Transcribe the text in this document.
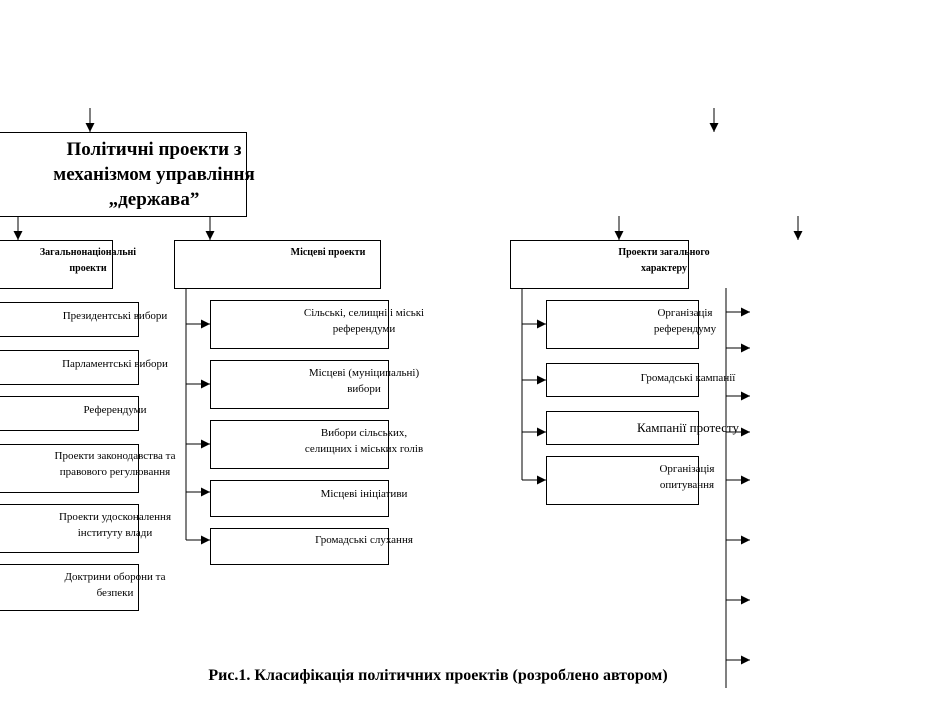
Політичні проекти з
механізмом управління
„держава”
Загальнонаціональні
проекти
Місцеві проекти	Проекти загального
характеру
Президентські вибори
Парламентські вибори
Референдуми
Проекти законодавства та
правового регулювання
Проекти удосконалення
інституту влади
Доктрини оборони та
безпеки
Сільські, селищні і міські
референдуми
Місцеві (муніципальні)
вибори
Вибори сільських,
селищних і міських голів
Місцеві ініціативи
Громадські слухання
Організація
референдуму
Громадські кампанії
Кампанії протесту
Організація
опитування
Рис.1. Класифікація політичних проектів (розроблено автором)
